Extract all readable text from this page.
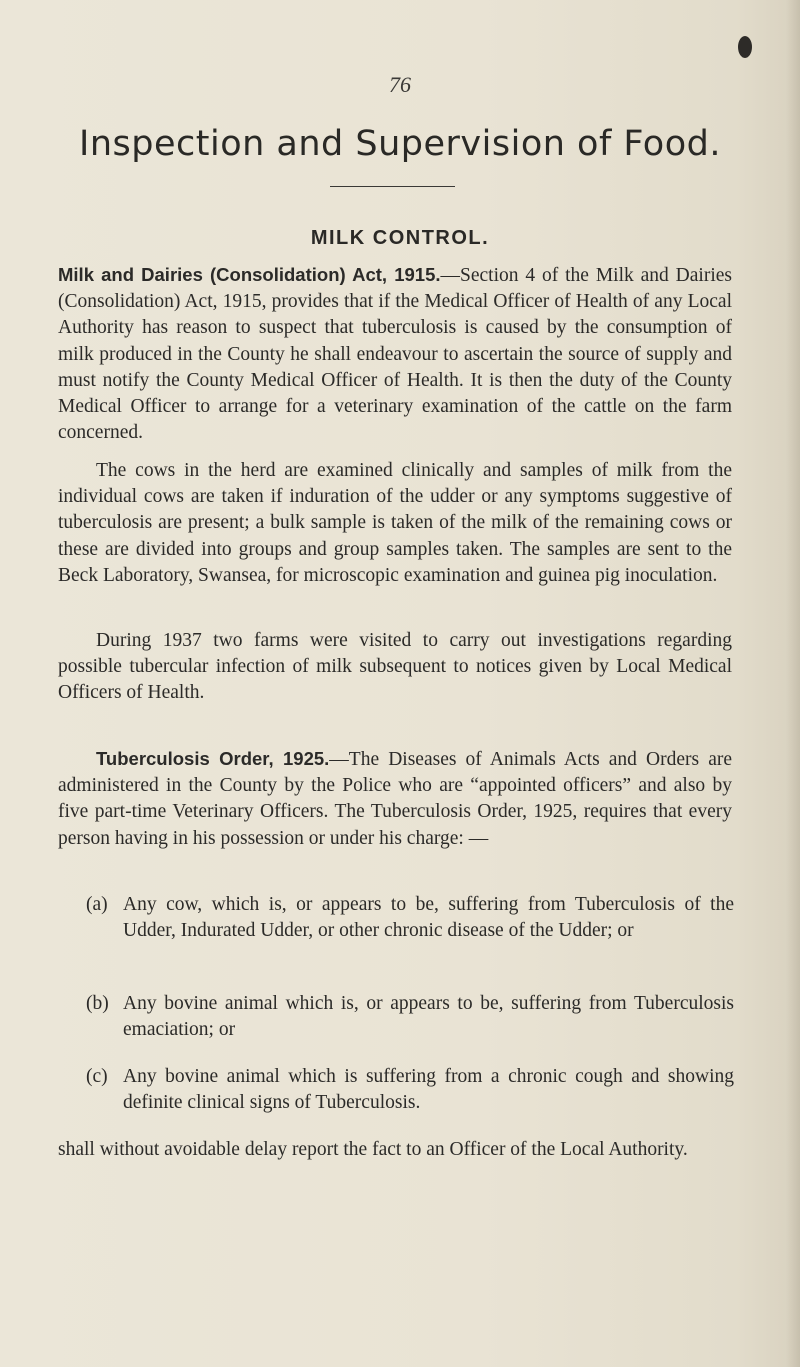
76
Inspection and Supervision of Food.
MILK CONTROL.

Milk and Dairies (Consolidation) Act, 1915.—Section 4 of the Milk and Dairies (Consolidation) Act, 1915, provides that if the Medical Officer of Health of any Local Authority has reason to suspect that tuberculosis is caused by the consumption of milk produced in the County he shall endeavour to ascertain the source of supply and must notify the County Medical Officer of Health. It is then the duty of the County Medical Officer to arrange for a veterinary examination of the cattle on the farm concerned.

The cows in the herd are examined clinically and samples of milk from the individual cows are taken if induration of the udder or any symptoms suggestive of tuberculosis are present; a bulk sample is taken of the milk of the remaining cows or these are divided into groups and group samples taken. The samples are sent to the Beck Laboratory, Swansea, for microscopic examination and guinea pig inoculation.

During 1937 two farms were visited to carry out investigations regarding possible tubercular infection of milk subsequent to notices given by Local Medical Officers of Health.

Tuberculosis Order, 1925.—The Diseases of Animals Acts and Orders are administered in the County by the Police who are “appointed officers” and also by five part-time Veterinary Officers. The Tuberculosis Order, 1925, requires that every person having in his possession or under his charge: —

(a) Any cow, which is, or appears to be, suffering from Tuberculosis of the Udder, Indurated Udder, or other chronic disease of the Udder; or
(b) Any bovine animal which is, or appears to be, suffering from Tuberculosis emaciation; or
(c) Any bovine animal which is suffering from a chronic cough and showing definite clinical signs of Tuberculosis.

shall without avoidable delay report the fact to an Officer of the Local Authority.
